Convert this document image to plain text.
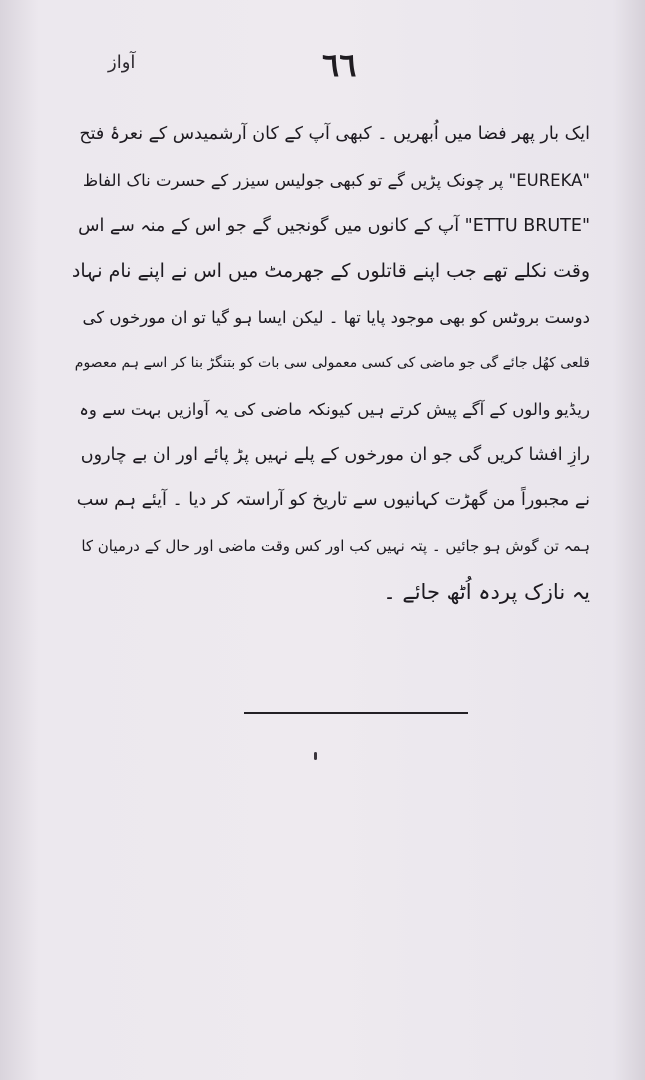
آواز	٦٦
ایک بار پھر فضا میں اُبھریں ۔ کبھی آپ کے کان آرشمیدس کے نعرۂ فتح
"EUREKA" پر چونک پڑیں گے تو کبھی جولیس سیزر کے حسرت ناک الفاظ
"ETTU BRUTE" آپ کے کانوں میں گونجیں گے جو اس کے منہ سے اس
وقت نکلے تھے جب اپنے قاتلوں کے جھرمٹ میں اس نے اپنے نام نہاد
دوست بروٹس کو بھی موجود پایا تھا ۔ لیکن ایسا ہو گیا تو ان مورخوں کی
قلعی کھُل جائے گی جو ماضی کی کسی معمولی سی بات کو بتنگڑ بنا کر اسے ہم معصوم
ریڈیو والوں کے آگے پیش کرتے ہیں کیونکہ ماضی کی یہ آوازیں بہت سے وہ
رازِ افشا کریں گی جو ان مورخوں کے پلے نہیں پڑ پائے اور ان بے چاروں
نے مجبوراً من گھڑت کہانیوں سے تاریخ کو آراستہ کر دیا ۔ آیئے ہم سب
ہمہ تن گوش ہو جائیں ۔ پتہ نہیں کب اور کس وقت ماضی اور حال کے درمیان کا
یہ نازک پردہ اُٹھ جائے ۔
